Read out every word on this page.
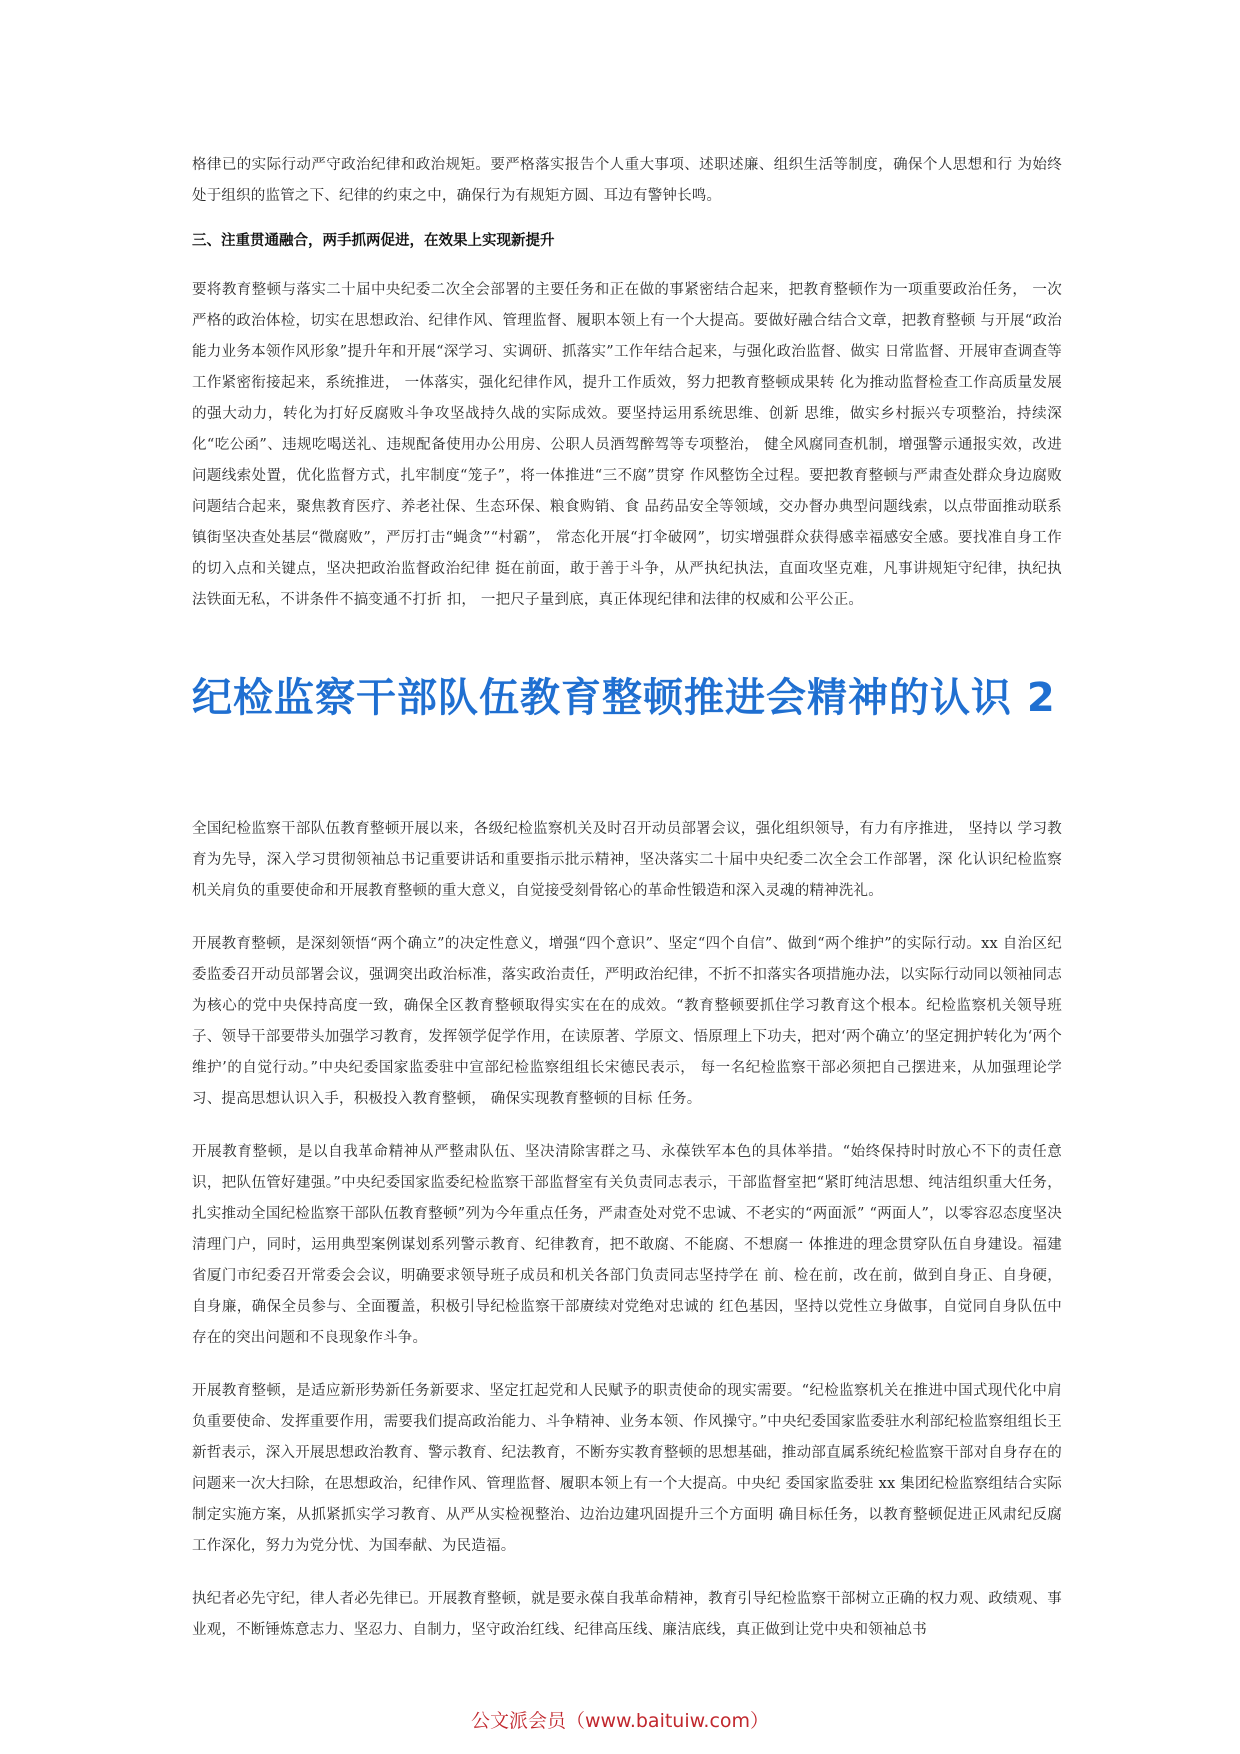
格律已的实际行动严守政治纪律和政治规矩。要严格落实报告个人重大事项、述职述廉、组织生活等制度，确保个人思想和行 为始终处于组织的监管之下、纪律的约束之中，确保行为有规矩方圆、耳边有警钟长鸣。

三、注重贯通融合，两手抓两促进，在效果上实现新提升

要将教育整顿与落实二十届中央纪委二次全会部署的主要任务和正在做的事紧密结合起来，把教育整顿作为一项重要政治任务， 一次严格的政治体检，切实在思想政治、纪律作风、管理监督、履职本领上有一个大提高。要做好融合结合文章，把教育整顿 与开展“政治能力业务本领作风形象”提升年和开展“深学习、实调研、抓落实”工作年结合起来，与强化政治监督、做实 日常监督、开展审查调查等工作紧密衔接起来，系统推进， 一体落实，强化纪律作风，提升工作质效，努力把教育整顿成果转 化为推动监督检查工作高质量发展的强大动力，转化为打好反腐败斗争攻坚战持久战的实际成效。要坚持运用系统思维、创新 思维，做实乡村振兴专项整治，持续深化“吃公函”、违规吃喝送礼、违规配备使用办公用房、公职人员酒驾醉驾等专项整治， 健全风腐同查机制，增强警示通报实效，改进问题线索处置，优化监督方式，扎牢制度“笼子”，将一体推进“三不腐”贯穿 作风整饬全过程。要把教育整顿与严肃查处群众身边腐败问题结合起来，聚焦教育医疗、养老社保、生态环保、粮食购销、食 品药品安全等领域，交办督办典型问题线索，以点带面推动联系镇街坚决查处基层“微腐败”，严厉打击“蝇贪”“村霸”， 常态化开展“打伞破网”，切实增强群众获得感幸福感安全感。要找准自身工作的切入点和关键点，坚决把政治监督政治纪律 挺在前面，敢于善于斗争，从严执纪执法，直面攻坚克难，凡事讲规矩守纪律，执纪执法铁面无私，不讲条件不搞变通不打折 扣， 一把尺子量到底，真正体现纪律和法律的权威和公平公正。

纪检监察干部队伍教育整顿推进会精神的认识 2

全国纪检监察干部队伍教育整顿开展以来，各级纪检监察机关及时召开动员部署会议，强化组织领导，有力有序推进， 坚持以 学习教育为先导，深入学习贯彻领袖总书记重要讲话和重要指示批示精神，坚决落实二十届中央纪委二次全会工作部署，深 化认识纪检监察机关肩负的重要使命和开展教育整顿的重大意义，自觉接受刻骨铭心的革命性锻造和深入灵魂的精神洗礼。

开展教育整顿，是深刻领悟“两个确立”的决定性意义，增强“四个意识”、坚定“四个自信”、做到“两个维护”的实际行动。xx 自治区纪委监委召开动员部署会议，强调突出政治标准，落实政治责任，严明政治纪律，不折不扣落实各项措施办法，以实际行动同以领袖同志为核心的党中央保持高度一致，确保全区教育整顿取得实实在在的成效。“教育整顿要抓住学习教育这个根本。纪检监察机关领导班子、领导干部要带头加强学习教育，发挥领学促学作用，在读原著、学原文、悟原理上下功夫，把对‘两个确立’的坚定拥护转化为‘两个维护’的自觉行动。”中央纪委国家监委驻中宣部纪检监察组组长宋德民表示， 每一名纪检监察干部必须把自己摆进来，从加强理论学习、提高思想认识入手，积极投入教育整顿， 确保实现教育整顿的目标 任务。

开展教育整顿，是以自我革命精神从严整肃队伍、坚决清除害群之马、永葆铁军本色的具体举措。“始终保持时时放心不下的责任意识，把队伍管好建强。”中央纪委国家监委纪检监察干部监督室有关负责同志表示，干部监督室把“紧盯纯洁思想、纯洁组织重大任务，扎实推动全国纪检监察干部队伍教育整顿”列为今年重点任务，严肃查处对党不忠诚、不老实的“两面派” “两面人”，以零容忍态度坚决清理门户，同时，运用典型案例谋划系列警示教育、纪律教育，把不敢腐、不能腐、不想腐一 体推进的理念贯穿队伍自身建设。福建省厦门市纪委召开常委会会议，明确要求领导班子成员和机关各部门负责同志坚持学在 前、检在前，改在前，做到自身正、自身硬，自身廉，确保全员参与、全面覆盖，积极引导纪检监察干部赓续对党绝对忠诚的 红色基因，坚持以党性立身做事，自觉同自身队伍中存在的突出问题和不良现象作斗争。

开展教育整顿，是适应新形势新任务新要求、坚定扛起党和人民赋予的职责使命的现实需要。“纪检监察机关在推进中国式现代化中肩负重要使命、发挥重要作用，需要我们提高政治能力、斗争精神、业务本领、作风操守。”中央纪委国家监委驻水利部纪检监察组组长王新哲表示，深入开展思想政治教育、警示教育、纪法教育，不断夯实教育整顿的思想基础，推动部直属系统纪检监察干部对自身存在的问题来一次大扫除，在思想政治，纪律作风、管理监督、履职本领上有一个大提高。中央纪 委国家监委驻 xx 集团纪检监察组结合实际制定实施方案，从抓紧抓实学习教育、从严从实检视整治、边治边建巩固提升三个方面明 确目标任务，以教育整顿促进正风肃纪反腐工作深化，努力为党分忧、为国奉献、为民造福。

执纪者必先守纪，律人者必先律已。开展教育整顿，就是要永葆自我革命精神，教育引导纪检监察干部树立正确的权力观、政绩观、事业观，不断锤炼意志力、坚忍力、自制力，坚守政治红线、纪律高压线、廉洁底线，真正做到让党中央和领袖总书

公文派会员（www.baituiw.com）
